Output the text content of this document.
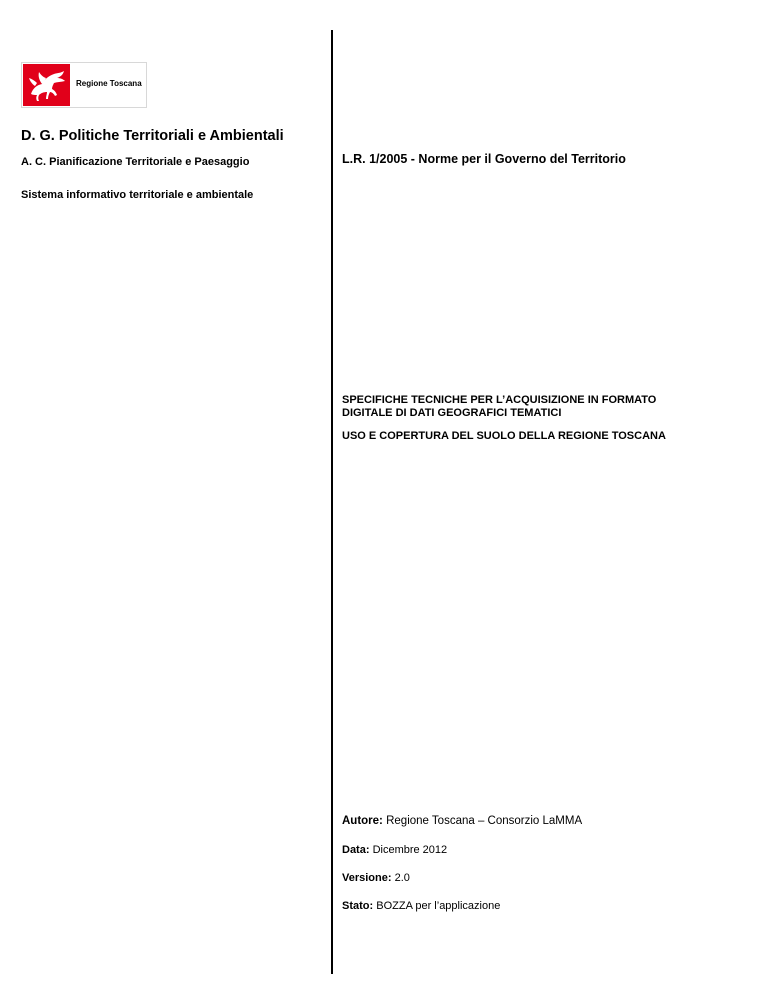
Regione Toscana
D. G. Politiche Territoriali e Ambientali
A. C. Pianificazione Territoriale e Paesaggio
Sistema informativo territoriale e ambientale
L.R. 1/2005 - Norme per il Governo del Territorio
SPECIFICHE TECNICHE PER L’ACQUISIZIONE IN FORMATO
DIGITALE DI DATI GEOGRAFICI TEMATICI
USO E COPERTURA DEL SUOLO DELLA REGIONE TOSCANA
Autore: Regione Toscana – Consorzio LaMMA
Data: Dicembre 2012
Versione: 2.0
Stato: BOZZA per l’applicazione
